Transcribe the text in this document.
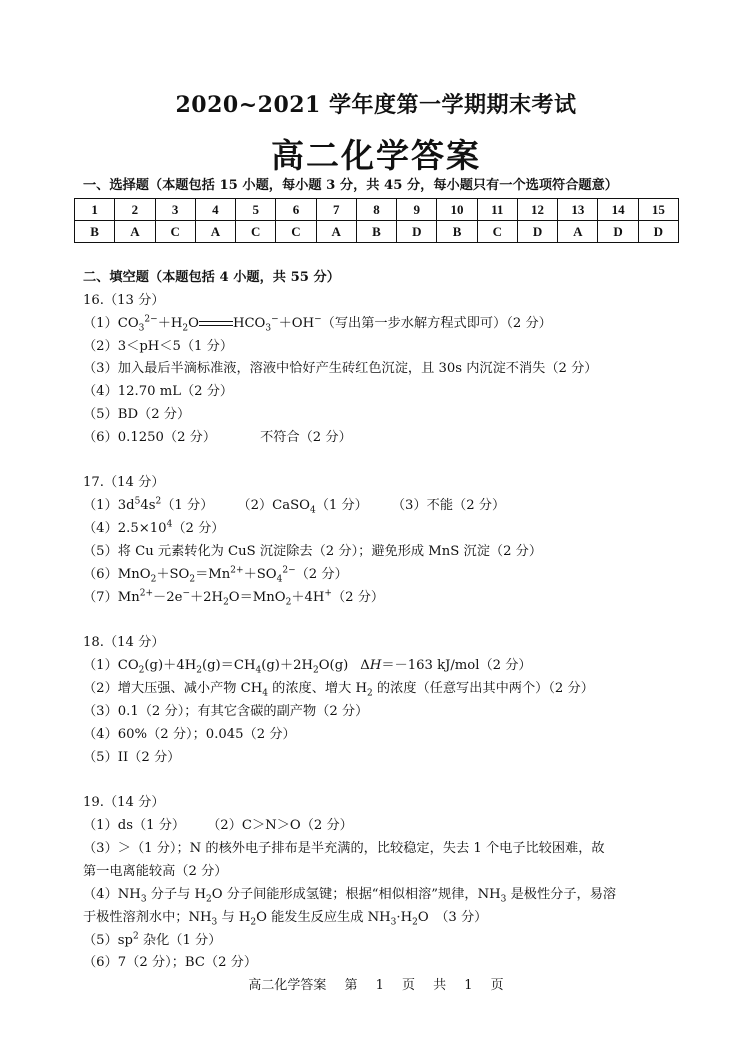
2020~2021 学年度第一学期期末考试
高二化学答案
一、选择题（本题包括 15 小题，每小题 3 分，共 45 分，每小题只有一个选项符合题意）
1	2	3	4	5	6	7	8	9	10	11	12	13	14	15
B	A	C	A	C	C	A	B	D	B	C	D	A	D	D
二、填空题（本题包括 4 小题，共 55 分）
16.（13 分）
$(1)CO_3^{2-}+H_2O$	$HCO_3^-+OH^-$（写出第一步水解方程式即可）（2 分）
（2）3＜pH＜5（1 分）
（3）加入最后半滴标准液，溶液中恰好产生砖红色沉淀，且 30s 内沉淀不消失（2 分）
（4）12.70 mL（2 分）
（5）BD（2 分）
（6）0.1250（2 分）	不符合（2 分）
17.（14 分）
$(1)3d^54s^2(1$ 分） （2）CaSO$_4$（1 分） （3）不能（2 分）
$(4)2.5\times 10^4(2$ 分）
（5）将 Cu 元素转化为 CuS 沉淀除去（2 分）；避免形成 MnS 沉淀（2 分）
$(6)MnO_2+SO_2=Mn^{2+}+SO_4^{2-}(2$ 分）
$(7)Mn^{2+}-2e^-+2H_2O=MnO_2+4H^+(2$ 分）
18.（14 分）
$(1)CO_2(g)+4H_2(g)=CH_4(g)+2H_2O(g)$ ΔH＝－163 kJ/mol（2 分）
（2）增大压强、减小产物 $CH_4$ 的浓度、增大 $H_2$ 的浓度（任意写出其中两个）（2 分）
（3）0.1（2 分）；有其它含碳的副产物（2 分）
（4）60%（2 分）；0.045（2 分）
（5）II（2 分）
19.（14 分）
（1）ds（1 分） （2）C＞N＞O（2 分）
（3）＞（1 分）；N 的核外电子排布是半充满的，比较稳定，失去 1 个电子比较困难，故
第一电离能较高（2 分）
$(4)NH_3$ 分子与 $H_2O$ 分子间能形成氢键；根据“相似相溶”规律，$NH_3$ 是极性分子，易溶
于极性溶剂水中；$NH_3$ 与 $H_2O$ 能发生反应生成 $NH_3\cdot H_2O$　（3 分）
$(5)sp^2$ 杂化（1 分）
（6）7（2 分）；BC（2 分）
高二化学答案 第 1 页 共 1 页
